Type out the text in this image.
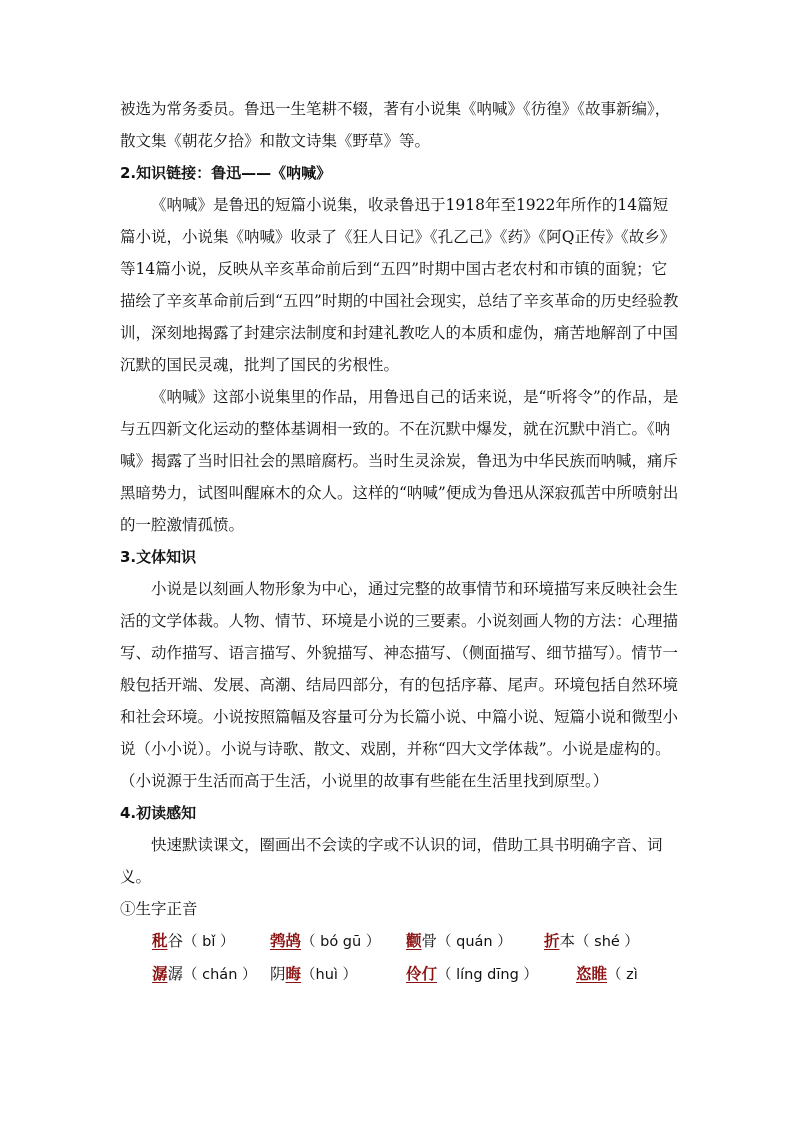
被选为常务委员。鲁迅一生笔耕不辍，著有小说集《呐喊》《彷徨》《故事新编》，散文集《朝花夕拾》和散文诗集《野草》等。

2.知识链接：鲁迅——《呐喊》

《呐喊》是鲁迅的短篇小说集，收录鲁迅于1918年至1922年所作的14篇短篇小说，小说集《呐喊》收录了《狂人日记》《孔乙己》《药》《阿Q正传》《故乡》等14篇小说，反映从辛亥革命前后到“五四”时期中国古老农村和市镇的面貌；它描绘了辛亥革命前后到“五四”时期的中国社会现实，总结了辛亥革命的历史经验教训，深刻地揭露了封建宗法制度和封建礼教吃人的本质和虚伪，痛苦地解剖了中国沉默的国民灵魂，批判了国民的劣根性。

《呐喊》这部小说集里的作品，用鲁迅自己的话来说，是“听将令”的作品，是与五四新文化运动的整体基调相一致的。不在沉默中爆发，就在沉默中消亡。《呐喊》揭露了当时旧社会的黑暗腐朽。当时生灵涂炭，鲁迅为中华民族而呐喊，痛斥黑暗势力，试图叫醒麻木的众人。这样的“呐喊”便成为鲁迅从深寂孤苦中所喷射出的一腔激情孤愤。

3.文体知识

小说是以刻画人物形象为中心，通过完整的故事情节和环境描写来反映社会生活的文学体裁。人物、情节、环境是小说的三要素。小说刻画人物的方法：心理描写、动作描写、语言描写、外貌描写、神态描写、（侧面描写、细节描写）。情节一般包括开端、发展、高潮、结局四部分，有的包括序幕、尾声。环境包括自然环境和社会环境。小说按照篇幅及容量可分为长篇小说、中篇小说、短篇小说和微型小说（小小说）。小说与诗歌、散文、戏剧，并称“四大文学体裁”。小说是虚构的。（小说源于生活而高于生活，小说里的故事有些能在生活里找到原型。）

4.初读感知

快速默读课文，圈画出不会读的字或不认识的词，借助工具书明确字音、词义。

①生字正音

秕谷（ bǐ ）	鹁鸪（ bó gū ）	颧骨（ quán ）	折本（ shé ）
潺潺（ chán ） 阴晦（huì ）	伶仃（ líng dīng ）	恣睢（ zì
